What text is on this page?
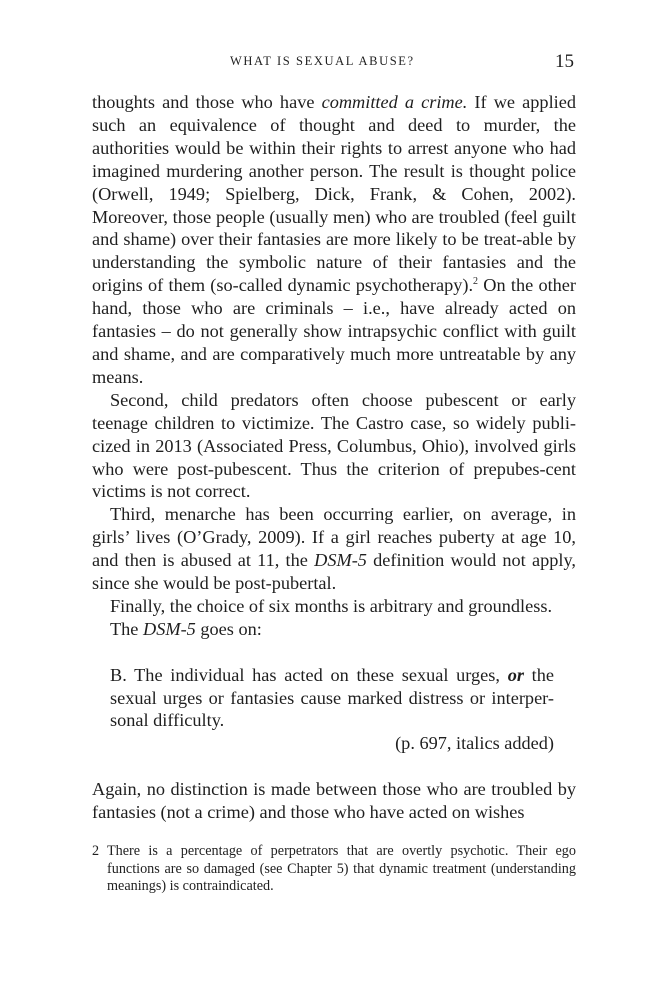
WHAT IS SEXUAL ABUSE?	15

thoughts and those who have committed a crime. If we applied such an equivalence of thought and deed to murder, the authorities would be within their rights to arrest anyone who had imagined murdering another person. The result is thought police (Orwell, 1949; Spielberg, Dick, Frank, & Cohen, 2002). Moreover, those people (usually men) who are troubled (feel guilt and shame) over their fantasies are more likely to be treat-able by understanding the symbolic nature of their fantasies and the origins of them (so-called dynamic psychotherapy).$^2$ On the other hand, those who are criminals – i.e., have already acted on fantasies – do not generally show intrapsychic conflict with guilt and shame, and are comparatively much more untreatable by any means.

Second, child predators often choose pubescent or early teenage children to victimize. The Castro case, so widely publi-cized in 2013 (Associated Press, Columbus, Ohio), involved girls who were post-pubescent. Thus the criterion of prepubes-cent victims is not correct.

Third, menarche has been occurring earlier, on average, in girls’ lives (O’Grady, 2009). If a girl reaches puberty at age 10, and then is abused at 11, the DSM-5 definition would not apply, since she would be post-pubertal.

Finally, the choice of six months is arbitrary and groundless.

The DSM-5 goes on:

B. The individual has acted on these sexual urges, or the sexual urges or fantasies cause marked distress or interper-sonal difficulty.

(p. 697, italics added)

Again, no distinction is made between those who are troubled by fantasies (not a crime) and those who have acted on wishes

2 There is a percentage of perpetrators that are overtly psychotic. Their ego functions are so damaged (see Chapter 5) that dynamic treatment (understanding meanings) is contraindicated.
